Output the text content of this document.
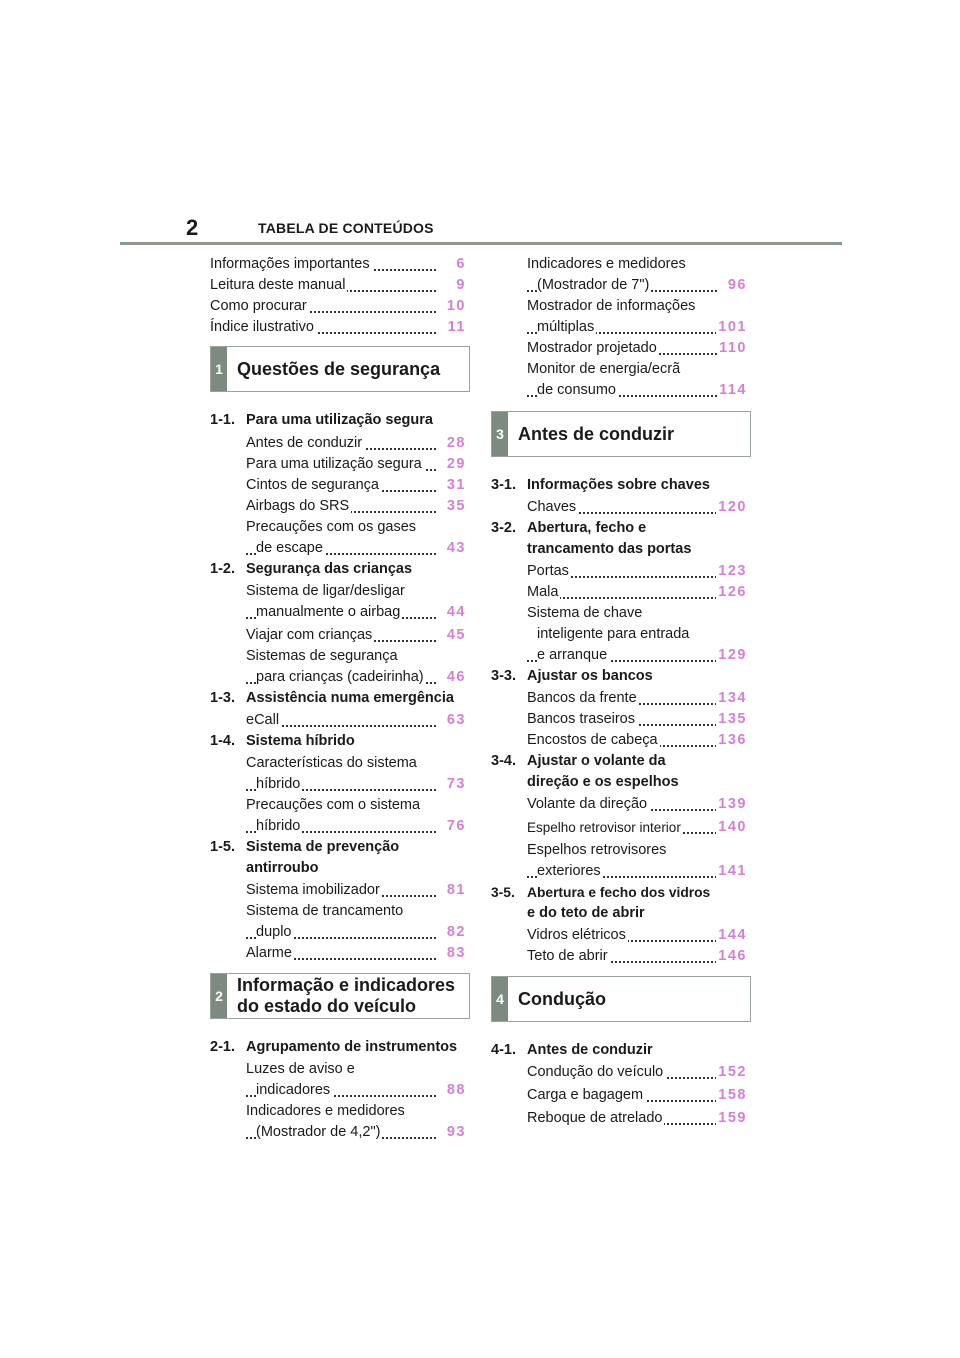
2	TABELA DE CONTEÚDOS
Informações importantes	6
Leitura deste manual	9
Como procurar	10
Índice ilustrativo	11
1 Questões de segurança
1-1. Para uma utilização segura
Antes de conduzir	28
Para uma utilização segura 29
Cintos de segurança	31
Airbags do SRS	35
Precauções com os gases
de escape	43
1-2. Segurança das crianças
Sistema de ligar/desligar
manualmente o airbag	44
Viajar com crianças	45
Sistemas de segurança
para crianças (cadeirinha) 46
1-3. Assistência numa emergência
eCall	63
1-4. Sistema híbrido
Características do sistema
híbrido	73
Precauções com o sistema
híbrido	76
1-5. Sistema de prevenção
antirroubo
Sistema imobilizador	81
Sistema de trancamento
duplo	82
Alarme	83
2
Informação e indicadores
do estado do veículo
2-1. Agrupamento de instrumentos
Luzes de aviso e
indicadores	88
Indicadores e medidores
(Mostrador de 4,2")	93
Indicadores e medidores
(Mostrador de 7")	96
Mostrador de informações
múltiplas	101
Mostrador projetado	110
Monitor de energia/ecrã
de consumo	114
3 Antes de conduzir
3-1. Informações sobre chaves
Chaves	120
3-2. Abertura, fecho e
trancamento das portas
Portas	123
Mala	126
Sistema de chave
inteligente para entrada
e arranque	129
3-3. Ajustar os bancos
Bancos da frente	134
Bancos traseiros	135
Encostos de cabeça	136
3-4. Ajustar o volante da
direção e os espelhos
Volante da direção	139
Espelho retrovisor interior	140
Espelhos retrovisores
exteriores	141
3-5. Abertura e fecho dos vidros
e do teto de abrir
Vidros elétricos	144
Teto de abrir	146
4 Condução
4-1. Antes de conduzir
Condução do veículo	152
Carga e bagagem	158
Reboque de atrelado	159
